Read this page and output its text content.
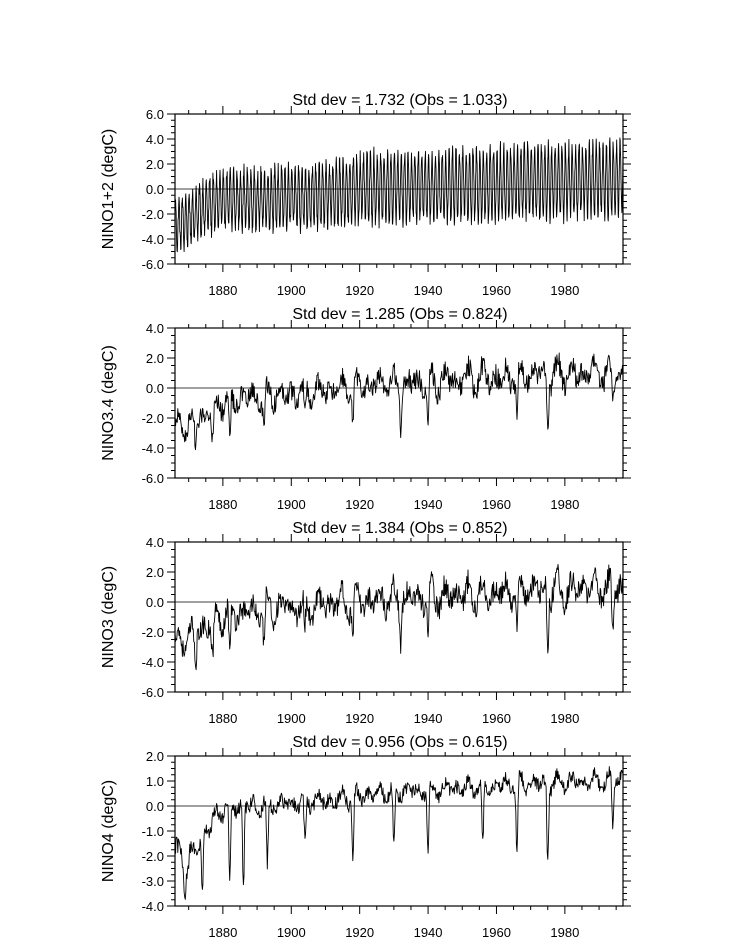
Std dev = 1.732 (Obs = 1.033)
NINO1+2 (degC)
-6.0
-4.0
-2.0
0.0
2.0
4.0
6.0
1880	1900	1920	1940	1960	1980
Std dev = 1.285 (Obs = 0.824)
NINO3.4 (degC)
-6.0
-4.0
-2.0
0.0
2.0
4.0
1880	1900	1920	1940	1960	1980
Std dev = 1.384 (Obs = 0.852)
NINO3 (degC)
-6.0
-4.0
-2.0
0.0
2.0
4.0
1880	1900	1920	1940	1960	1980
Std dev = 0.956 (Obs = 0.615)
NINO4 (degC)
-4.0
-3.0
-2.0
-1.0
0.0
1.0
2.0
1880	1900	1920	1940	1960	1980
